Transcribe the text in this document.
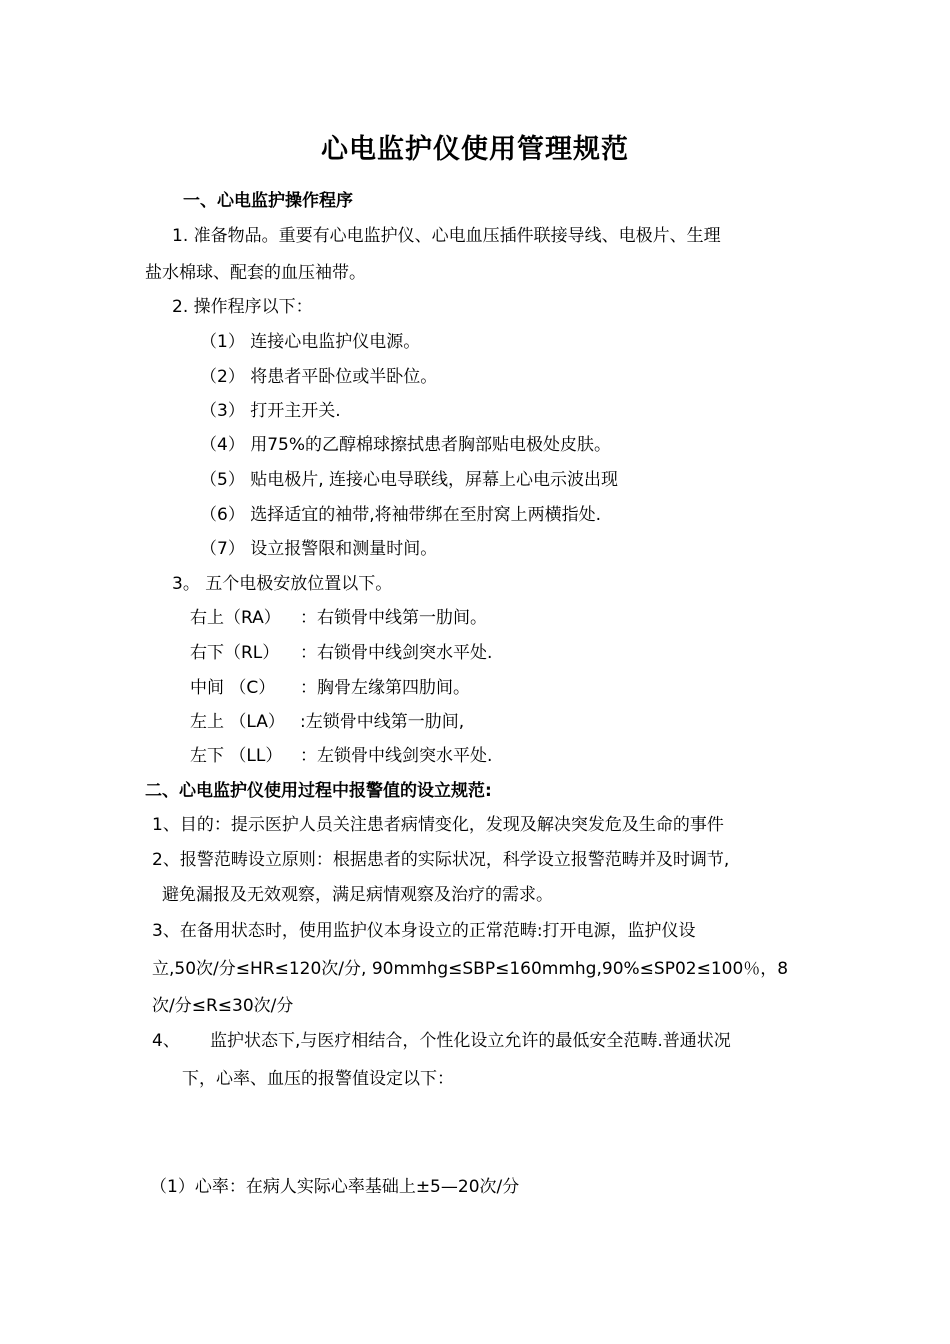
心电监护仪使用管理规范
一、心电监护操作程序
1. 准备物品。重要有心电监护仪、心电血压插件联接导线、电极片、生理
盐水棉球、配套的血压袖带。
2. 操作程序以下：
（1） 连接心电监护仪电源。
（2） 将患者平卧位或半卧位。
（3） 打开主开关.
（4） 用75%的乙醇棉球擦拭患者胸部贴电极处皮肤。
（5） 贴电极片, 连接心电导联线，屏幕上心电示波出现
（6） 选择适宜的袖带,将袖带绑在至肘窝上两横指处.
（7） 设立报警限和测量时间。
3。 五个电极安放位置以下。
右上（RA） ：右锁骨中线第一肋间。
右下（RL） ：右锁骨中线剑突水平处.
中间 （C） ：胸骨左缘第四肋间。
左上 （LA） :左锁骨中线第一肋间,
左下 （LL） ：左锁骨中线剑突水平处.
二、心电监护仪使用过程中报警值的设立规范:
1、目的：提示医护人员关注患者病情变化，发现及解决突发危及生命的事件
2、报警范畴设立原则：根据患者的实际状况，科学设立报警范畴并及时调节,
避免漏报及无效观察，满足病情观察及治疗的需求。
3、在备用状态时，使用监护仪本身设立的正常范畴:打开电源，监护仪设
立,50次/分≤HR≤120次/分, 90mmhg≤SBP≤160mmhg,90%≤SP02≤100％，8
次/分≤R≤30次/分
4、 监护状态下,与医疗相结合，个性化设立允许的最低安全范畴.普通状况
下，心率、血压的报警值设定以下：
（1）心率：在病人实际心率基础上±5—20次/分
